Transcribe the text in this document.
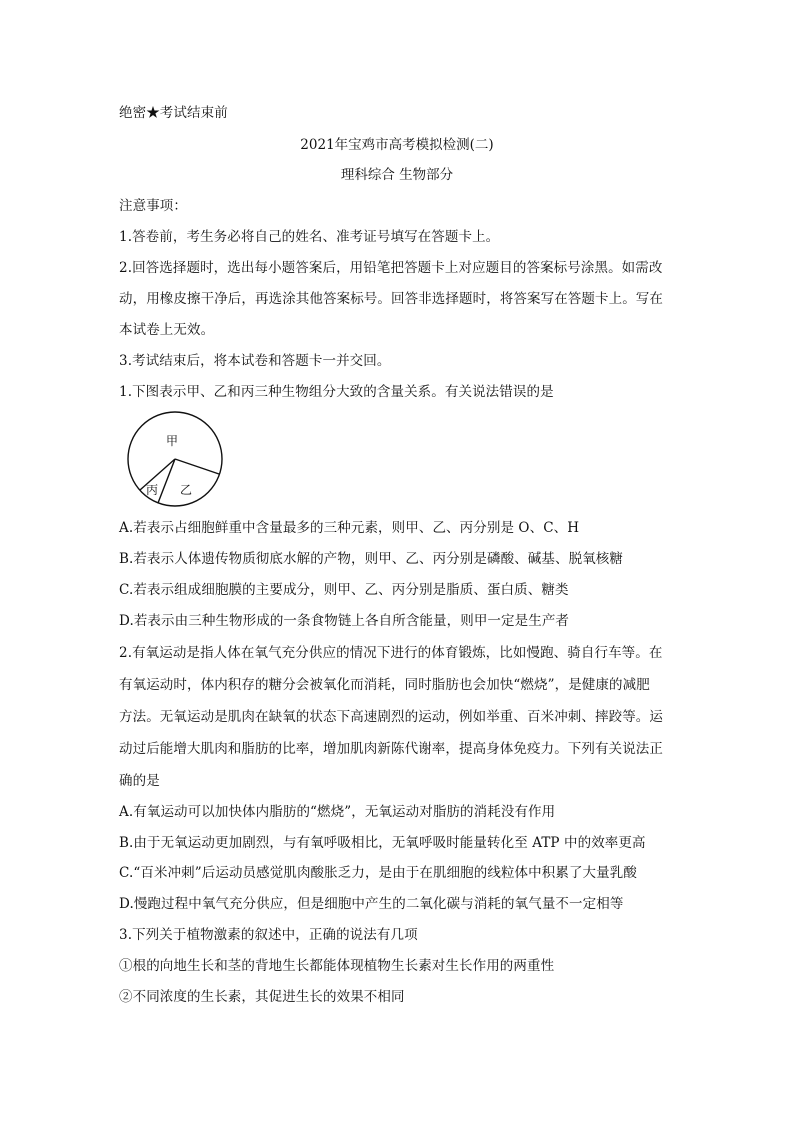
绝密★考试结束前
2021年宝鸡市高考模拟检测(二)
理科综合 生物部分
注意事项：
1.答卷前，考生务必将自己的姓名、准考证号填写在答题卡上。
2.回答选择题时，选出每小题答案后，用铅笔把答题卡上对应题目的答案标号涂黑。如需改
动，用橡皮擦干净后，再选涂其他答案标号。回答非选择题时，将答案写在答题卡上。写在
本试卷上无效。
3.考试结束后，将本试卷和答题卡一并交回。
1.下图表示甲、乙和丙三种生物组分大致的含量关系。有关说法错误的是
甲
乙
丙
A.若表示占细胞鲜重中含量最多的三种元素，则甲、乙、丙分别是 O、C、H
B.若表示人体遗传物质彻底水解的产物，则甲、乙、丙分别是磷酸、碱基、脱氧核糖
C.若表示组成细胞膜的主要成分，则甲、乙、丙分别是脂质、蛋白质、糖类
D.若表示由三种生物形成的一条食物链上各自所含能量，则甲一定是生产者
2.有氧运动是指人体在氧气充分供应的情况下进行的体育锻炼，比如慢跑、骑自行车等。在
有氧运动时，体内积存的糖分会被氧化而消耗，同时脂肪也会加快“燃烧”，是健康的减肥
方法。无氧运动是肌肉在缺氧的状态下高速剧烈的运动，例如举重、百米冲刺、摔跤等。运
动过后能增大肌肉和脂肪的比率，增加肌肉新陈代谢率，提高身体免疫力。下列有关说法正
确的是
A.有氧运动可以加快体内脂肪的“燃烧”，无氧运动对脂肪的消耗没有作用
B.由于无氧运动更加剧烈，与有氧呼吸相比，无氧呼吸时能量转化至 ATP 中的效率更高
C.“百米冲刺”后运动员感觉肌肉酸胀乏力，是由于在肌细胞的线粒体中积累了大量乳酸
D.慢跑过程中氧气充分供应，但是细胞中产生的二氧化碳与消耗的氧气量不一定相等
3.下列关于植物激素的叙述中，正确的说法有几项
①根的向地生长和茎的背地生长都能体现植物生长素对生长作用的两重性
②不同浓度的生长素，其促进生长的效果不相同
